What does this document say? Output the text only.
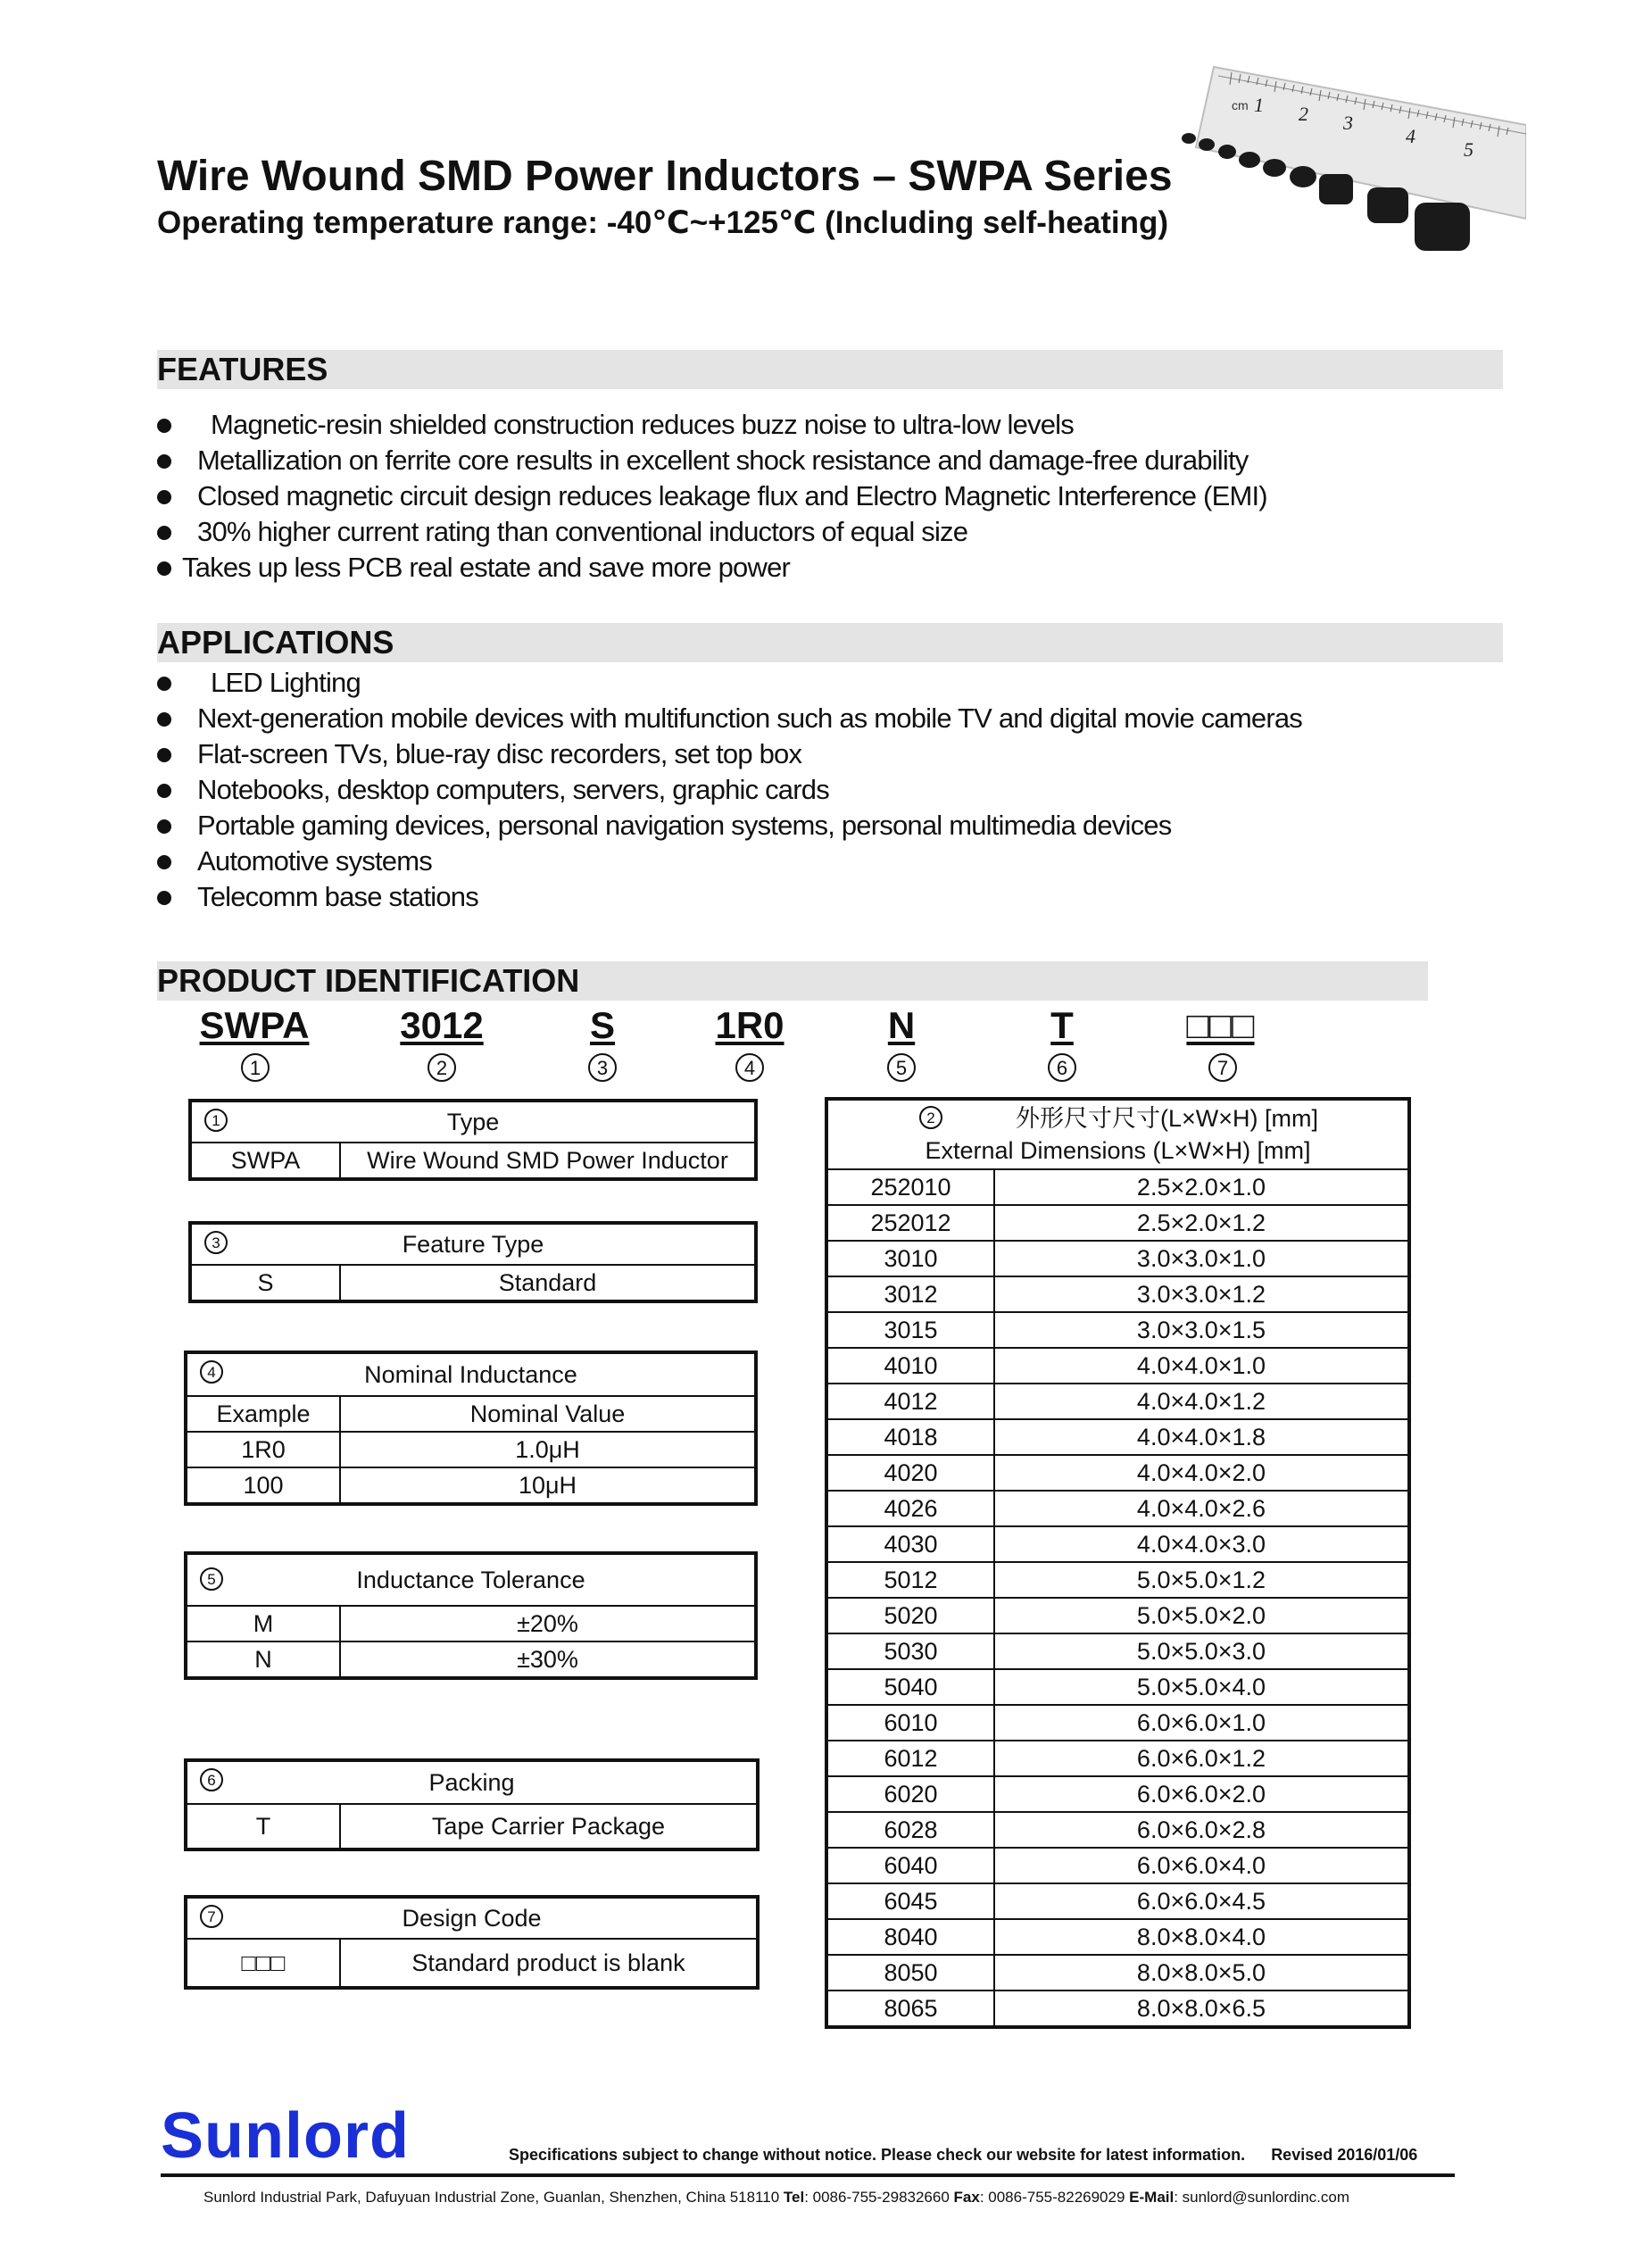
Wire Wound SMD Power Inductors – SWPA Series
Operating temperature range: -40℃~+125℃ (Including self-heating)
cm 1 2 3
4
5
FEATURES
Magnetic-resin shielded construction reduces buzz noise to ultra-low levels
Metallization on ferrite core results in excellent shock resistance and damage-free durability
Closed magnetic circuit design reduces leakage flux and Electro Magnetic Interference (EMI)
30% higher current rating than conventional inductors of equal size
Takes up less PCB real estate and save more power
APPLICATIONS
LED Lighting
Next-generation mobile devices with multifunction such as mobile TV and digital movie cameras
Flat-screen TVs, blue-ray disc recorders, set top box
Notebooks, desktop computers, servers, graphic cards
Portable gaming devices, personal navigation systems, personal multimedia devices
Automotive systems
Telecomm base stations
PRODUCT IDENTIFICATION
SWPA 3012	S	1R0	N	T	□□□
1	2	3	4	5	6	7
1	Type
SWPA	Wire Wound SMD Power Inductor
3	Feature Type
S	Standard
4 Nominal Inductance	
Example	Nominal Value
1R0	1.0μH
100	10μH
5 Inductance Tolerance	
M	±20%
N	±30%
6	Packing
T	Tape Carrier Package
7	Design Code
□□□	Standard product is blank
2 外形尺寸尺寸(L×W×H) [mm]
External Dimensions (L×W×H) [mm]	

252010	2.5×2.0×1.0
252012	2.5×2.0×1.2
3010	3.0×3.0×1.0
3012	3.0×3.0×1.2
3015	3.0×3.0×1.5
4010	4.0×4.0×1.0
4012	4.0×4.0×1.2
4018	4.0×4.0×1.8
4020	4.0×4.0×2.0
4026	4.0×4.0×2.6
4030	4.0×4.0×3.0
5012	5.0×5.0×1.2
5020	5.0×5.0×2.0
5030	5.0×5.0×3.0
5040	5.0×5.0×4.0
6010	6.0×6.0×1.0
6012	6.0×6.0×1.2
6020	6.0×6.0×2.0
6028	6.0×6.0×2.8
6040	6.0×6.0×4.0
6045	6.0×6.0×4.5
8040	8.0×8.0×4.0
8050	8.0×8.0×5.0
8065	8.0×8.0×6.5
Sunlord	Specifications subject to change without notice. Please check our website for latest information. Revised 2016/01/06
Sunlord Industrial Park, Dafuyuan Industrial Zone, Guanlan, Shenzhen, China 518110 Tel: 0086-755-29832660 Fax: 0086-755-82269029 E-Mail: sunlord@sunlordinc.com
